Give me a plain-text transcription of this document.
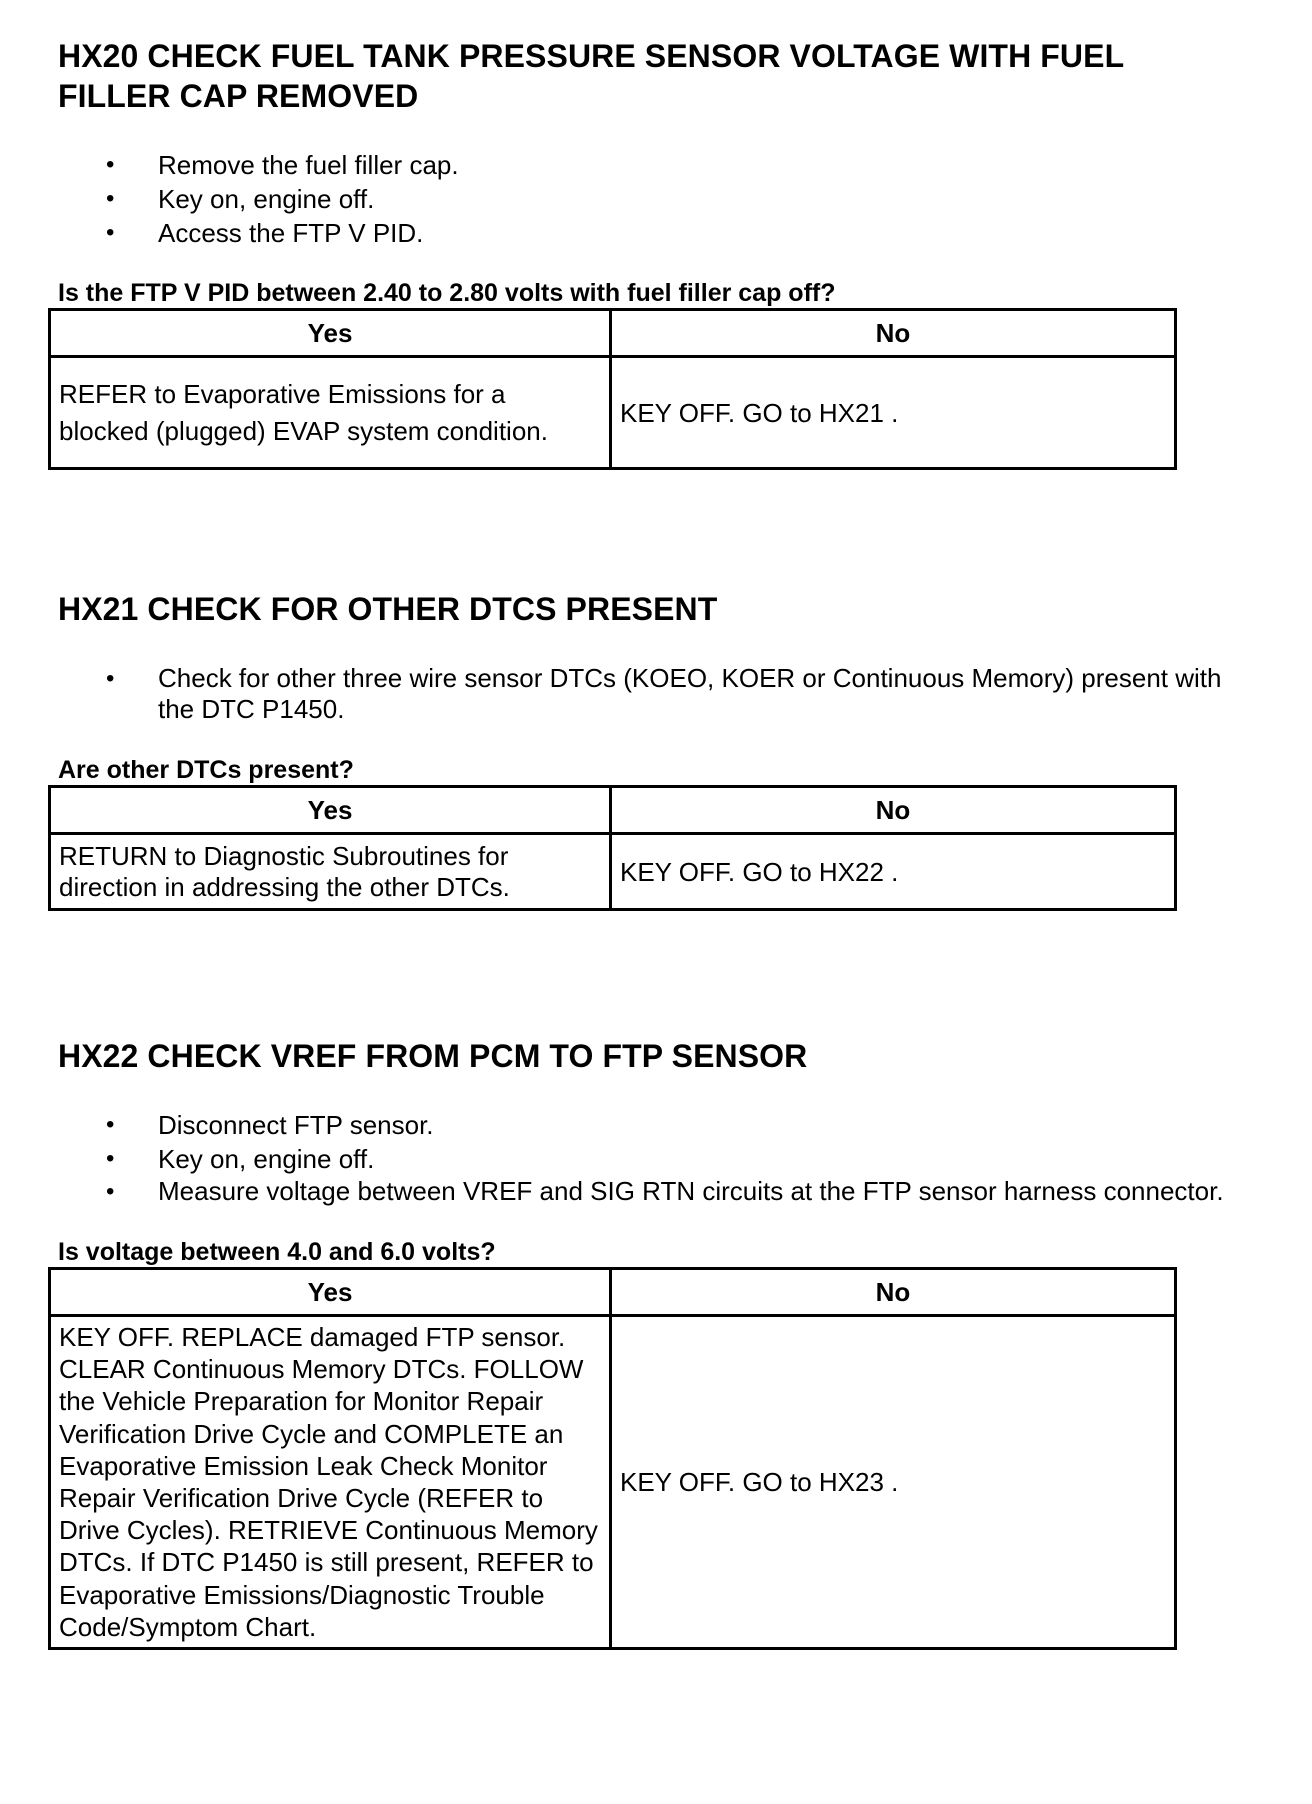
HX20 CHECK FUEL TANK PRESSURE SENSOR VOLTAGE WITH FUEL FILLER CAP REMOVED
• Remove the fuel filler cap.
• Key on, engine off.
• Access the FTP V PID.

Is the FTP V PID between 2.40 to 2.80 volts with fuel filler cap off?

Yes	No
REFER to Evaporative Emissions for a blocked (plugged) EVAP system condition.	KEY OFF. GO to HX21 .
HX21 CHECK FOR OTHER DTCS PRESENT
• Check for other three wire sensor DTCs (KOEO, KOER or Continuous Memory) present with the DTC P1450.

Are other DTCs present?

Yes	No
RETURN to Diagnostic Subroutines for direction in addressing the other DTCs.	KEY OFF. GO to HX22 .
HX22 CHECK VREF FROM PCM TO FTP SENSOR
• Disconnect FTP sensor.
• Key on, engine off.
• Measure voltage between VREF and SIG RTN circuits at the FTP sensor harness connector.

Is voltage between 4.0 and 6.0 volts?

Yes	No
KEY OFF. REPLACE damaged FTP sensor. CLEAR Continuous Memory DTCs. FOLLOW the Vehicle Preparation for Monitor Repair Verification Drive Cycle and COMPLETE an Evaporative Emission Leak Check Monitor Repair Verification Drive Cycle (REFER to Drive Cycles). RETRIEVE Continuous Memory DTCs. If DTC P1450 is still present, REFER to Evaporative Emissions/Diagnostic Trouble Code/Symptom Chart.	KEY OFF. GO to HX23 .
